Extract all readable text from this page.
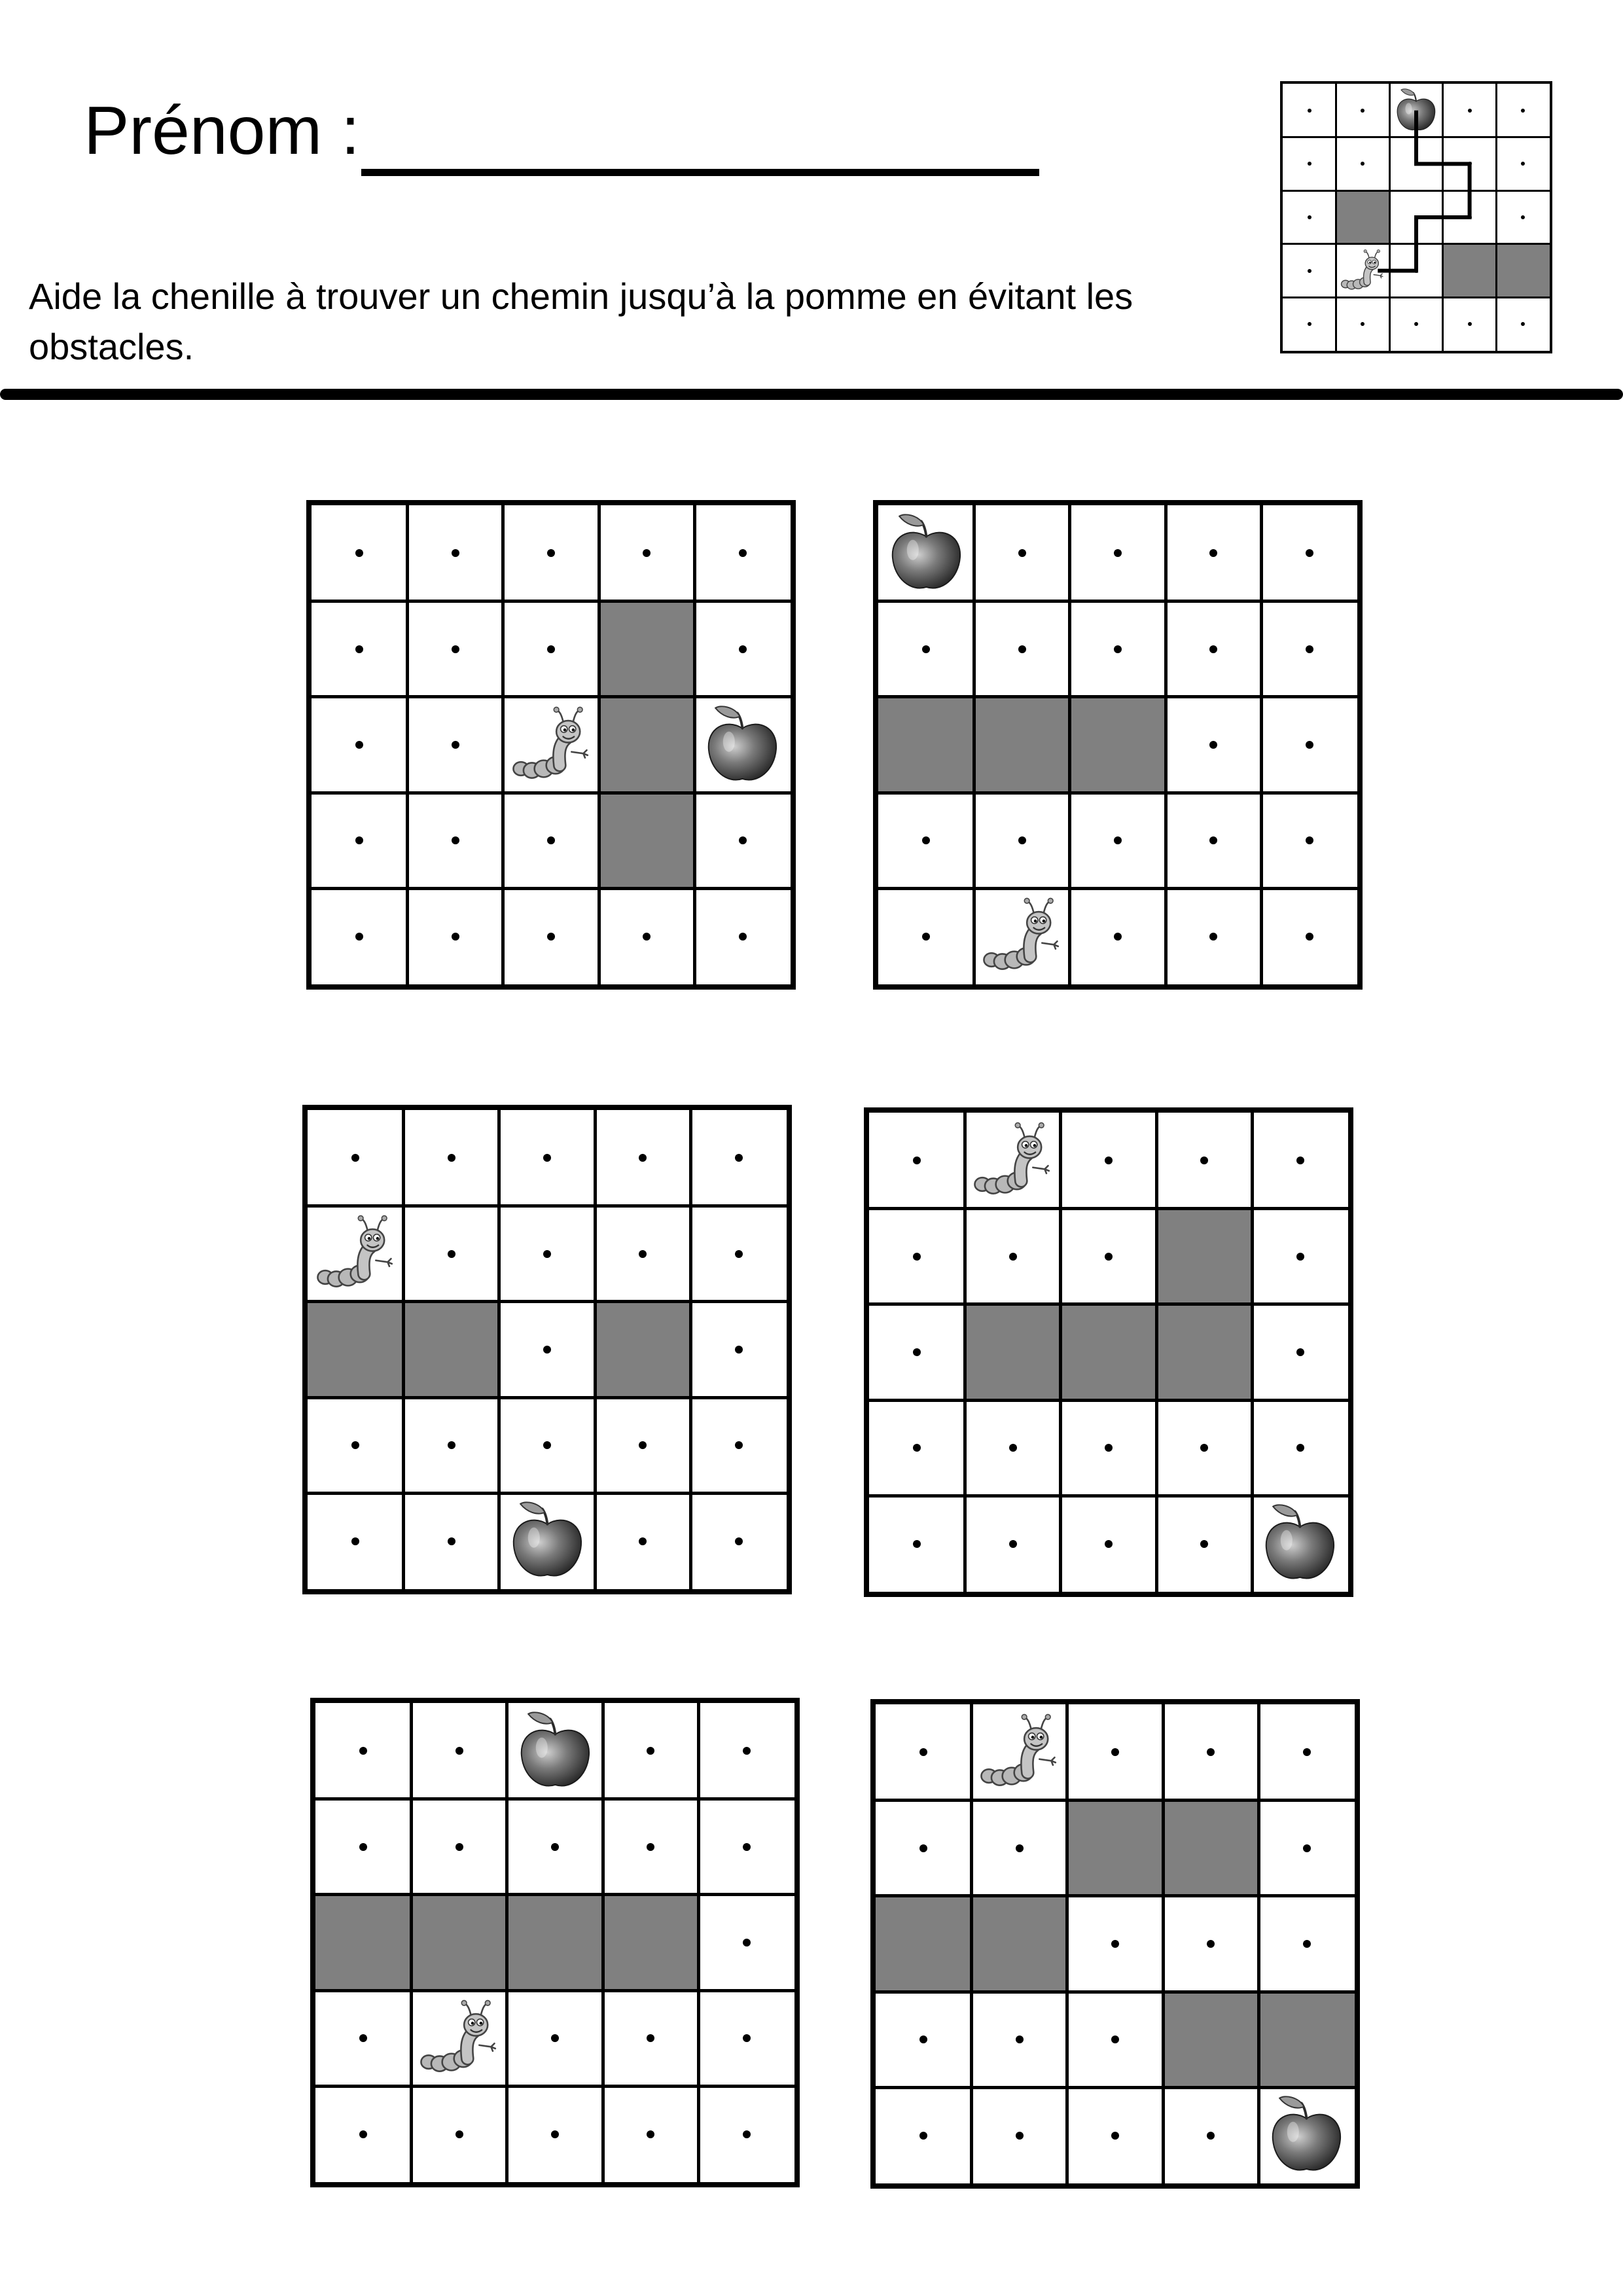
Prénom :
Aide la chenille à trouver un chemin jusqu’à la pomme en évitant les obstacles.
